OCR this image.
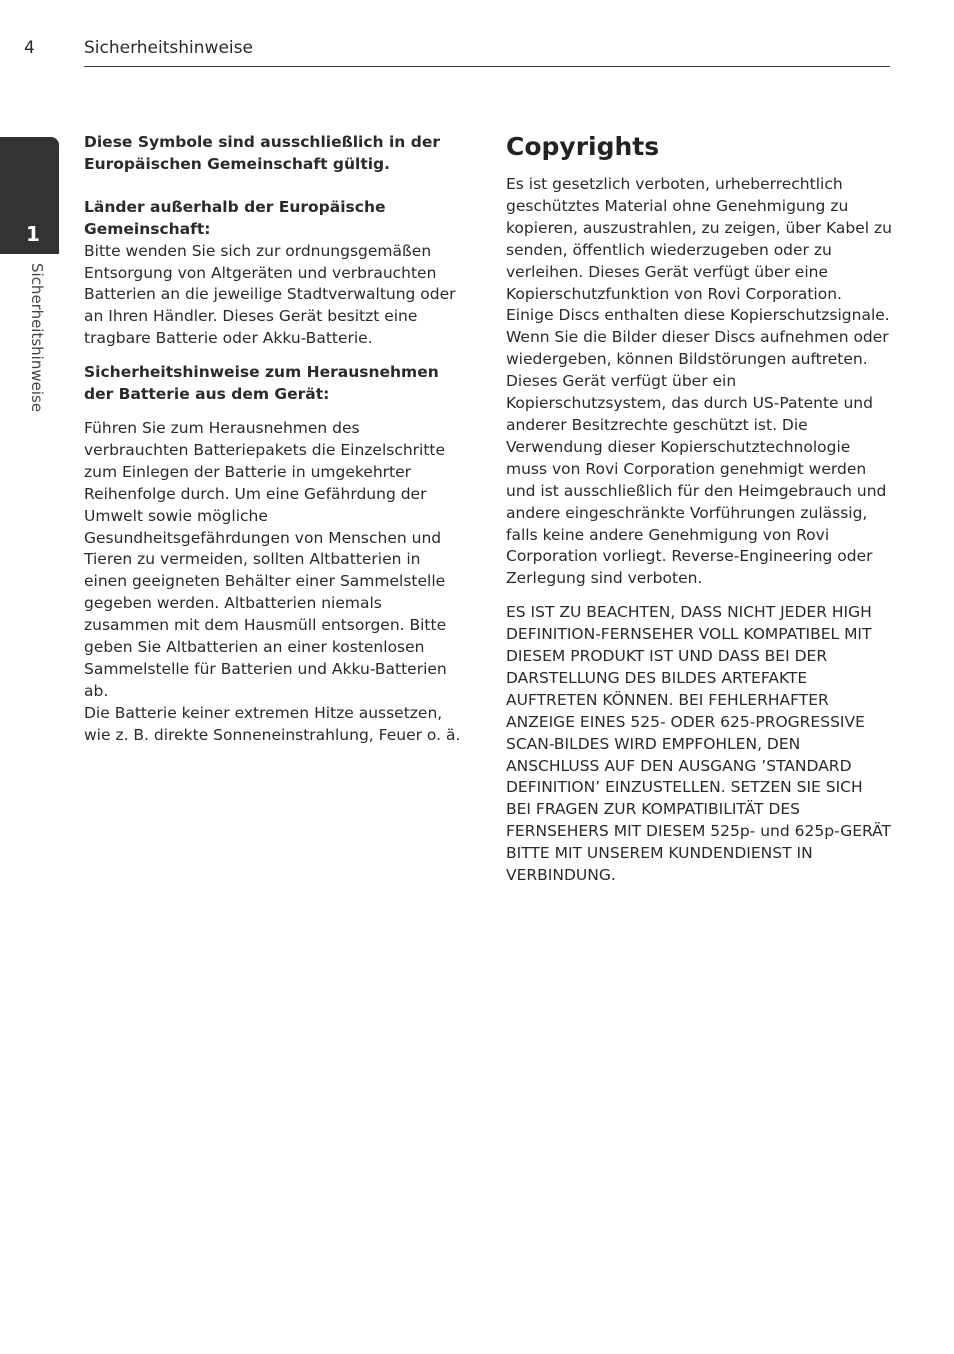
4	Sicherheitshinweise
1
Sicherheitshinweise

Diese Symbole sind ausschließlich in der Europäischen Gemeinschaft gültig.

Länder außerhalb der Europäische Gemeinschaft:

Bitte wenden Sie sich zur ordnungsgemäßen Entsorgung von Altgeräten und verbrauchten Batterien an die jeweilige Stadtverwaltung oder an Ihren Händler. Dieses Gerät besitzt eine tragbare Batterie oder Akku-Batterie.

Sicherheitshinweise zum Herausnehmen der Batterie aus dem Gerät:

Führen Sie zum Herausnehmen des verbrauchten Batteriepakets die Einzelschritte zum Einlegen der Batterie in umgekehrter Reihenfolge durch. Um eine Gefährdung der Umwelt sowie mögliche Gesundheitsgefährdungen von Menschen und Tieren zu vermeiden, sollten Altbatterien in einen geeigneten Behälter einer Sammelstelle gegeben werden. Altbatterien niemals zusammen mit dem Hausmüll entsorgen. Bitte geben Sie Altbatterien an einer kostenlosen Sammelstelle für Batterien und Akku-Batterien ab.

Die Batterie keiner extremen Hitze aussetzen, wie z. B. direkte Sonneneinstrahlung, Feuer o. ä.

Copyrights

Es ist gesetzlich verboten, urheberrechtlich geschütztes Material ohne Genehmigung zu kopieren, auszustrahlen, zu zeigen, über Kabel zu senden, öffentlich wiederzugeben oder zu verleihen. Dieses Gerät verfügt über eine Kopierschutzfunktion von Rovi Corporation. Einige Discs enthalten diese Kopierschutzsignale. Wenn Sie die Bilder dieser Discs aufnehmen oder wiedergeben, können Bildstörungen auftreten. Dieses Gerät verfügt über ein Kopierschutzsystem, das durch US-Patente und anderer Besitzrechte geschützt ist. Die Verwendung dieser Kopierschutztechnologie muss von Rovi Corporation genehmigt werden und ist ausschließlich für den Heimgebrauch und andere eingeschränkte Vorführungen zulässig, falls keine andere Genehmigung von Rovi Corporation vorliegt. Reverse-Engineering oder Zerlegung sind verboten.

ES IST ZU BEACHTEN, DASS NICHT JEDER HIGH DEFINITION-FERNSEHER VOLL KOMPATIBEL MIT DIESEM PRODUKT IST UND DASS BEI DER DARSTELLUNG DES BILDES ARTEFAKTE AUFTRETEN KÖNNEN. BEI FEHLERHAFTER ANZEIGE EINES 525- ODER 625-PROGRESSIVE SCAN-BILDES WIRD EMPFOHLEN, DEN ANSCHLUSS AUF DEN AUSGANG ’STANDARD DEFINITION’ EINZUSTELLEN. SETZEN SIE SICH BEI FRAGEN ZUR KOMPATIBILITÄT DES FERNSEHERS MIT DIESEM 525p- und 625p-GERÄT BITTE MIT UNSEREM KUNDENDIENST IN VERBINDUNG.
